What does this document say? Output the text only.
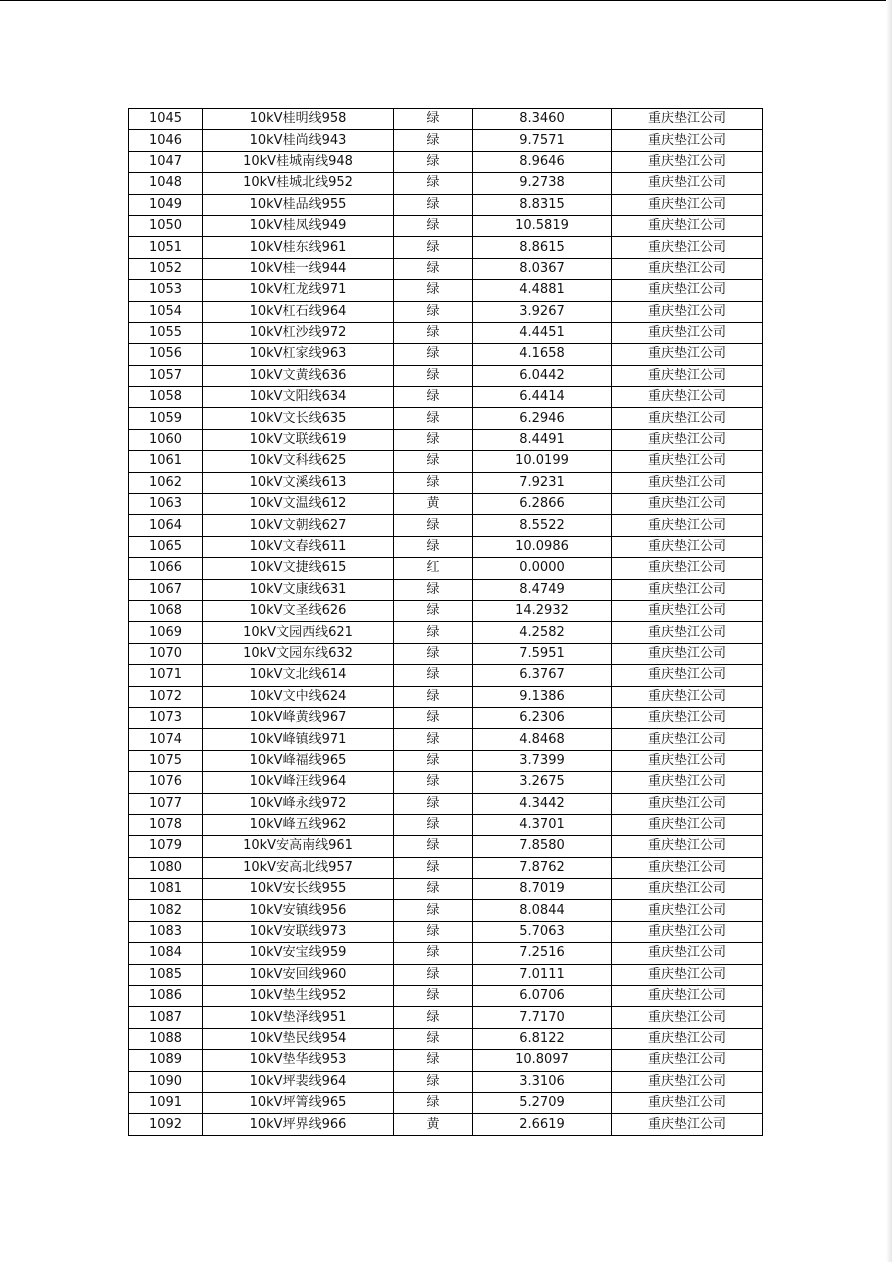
1045	10kV桂明线958	绿	8.3460	重庆垫江公司
1046	10kV桂尚线943	绿	9.7571	重庆垫江公司
1047	10kV桂城南线948	绿	8.9646	重庆垫江公司
1048	10kV桂城北线952	绿	9.2738	重庆垫江公司
1049	10kV桂品线955	绿	8.8315	重庆垫江公司
1050	10kV桂凤线949	绿	10.5819	重庆垫江公司
1051	10kV桂东线961	绿	8.8615	重庆垫江公司
1052	10kV桂一线944	绿	8.0367	重庆垫江公司
1053	10kV杠龙线971	绿	4.4881	重庆垫江公司
1054	10kV杠石线964	绿	3.9267	重庆垫江公司
1055	10kV杠沙线972	绿	4.4451	重庆垫江公司
1056	10kV杠家线963	绿	4.1658	重庆垫江公司
1057	10kV文黄线636	绿	6.0442	重庆垫江公司
1058	10kV文阳线634	绿	6.4414	重庆垫江公司
1059	10kV文长线635	绿	6.2946	重庆垫江公司
1060	10kV文联线619	绿	8.4491	重庆垫江公司
1061	10kV文科线625	绿	10.0199	重庆垫江公司
1062	10kV文溪线613	绿	7.9231	重庆垫江公司
1063	10kV文温线612	黄	6.2866	重庆垫江公司
1064	10kV文朝线627	绿	8.5522	重庆垫江公司
1065	10kV文春线611	绿	10.0986	重庆垫江公司
1066	10kV文捷线615	红	0.0000	重庆垫江公司
1067	10kV文康线631	绿	8.4749	重庆垫江公司
1068	10kV文圣线626	绿	14.2932	重庆垫江公司
1069	10kV文园西线621	绿	4.2582	重庆垫江公司
1070	10kV文园东线632	绿	7.5951	重庆垫江公司
1071	10kV文北线614	绿	6.3767	重庆垫江公司
1072	10kV文中线624	绿	9.1386	重庆垫江公司
1073	10kV峰黄线967	绿	6.2306	重庆垫江公司
1074	10kV峰镇线971	绿	4.8468	重庆垫江公司
1075	10kV峰福线965	绿	3.7399	重庆垫江公司
1076	10kV峰汪线964	绿	3.2675	重庆垫江公司
1077	10kV峰永线972	绿	4.3442	重庆垫江公司
1078	10kV峰五线962	绿	4.3701	重庆垫江公司
1079	10kV安高南线961	绿	7.8580	重庆垫江公司
1080	10kV安高北线957	绿	7.8762	重庆垫江公司
1081	10kV安长线955	绿	8.7019	重庆垫江公司
1082	10kV安镇线956	绿	8.0844	重庆垫江公司
1083	10kV安联线973	绿	5.7063	重庆垫江公司
1084	10kV安宝线959	绿	7.2516	重庆垫江公司
1085	10kV安回线960	绿	7.0111	重庆垫江公司
1086	10kV垫生线952	绿	6.0706	重庆垫江公司
1087	10kV垫泽线951	绿	7.7170	重庆垫江公司
1088	10kV垫民线954	绿	6.8122	重庆垫江公司
1089	10kV垫华线953	绿	10.8097	重庆垫江公司
1090	10kV坪裴线964	绿	3.3106	重庆垫江公司
1091	10kV坪箐线965	绿	5.2709	重庆垫江公司
1092	10kV坪界线966	黄	2.6619	重庆垫江公司
